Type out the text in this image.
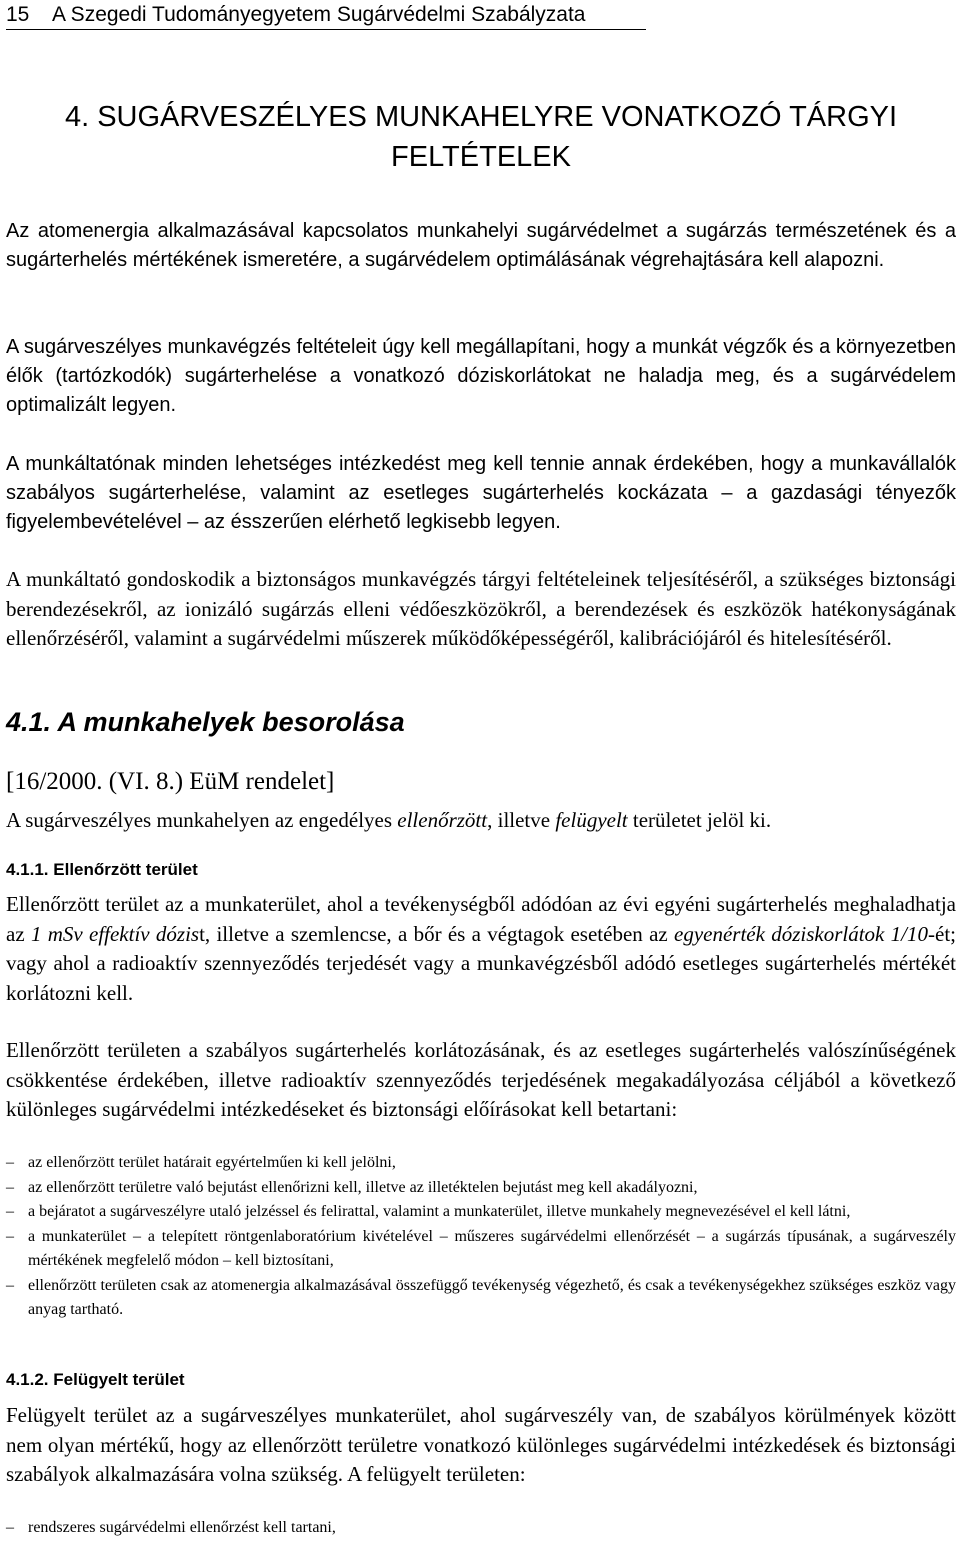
15 A Szegedi Tudományegyetem Sugárvédelmi Szabályzata
4. SUGÁRVESZÉLYES MUNKAHELYRE VONATKOZÓ TÁRGYI FELTÉTELEK
Az atomenergia alkalmazásával kapcsolatos munkahelyi sugárvédelmet a sugárzás természetének és a sugárterhelés mértékének ismeretére, a sugárvédelem optimálásának végrehajtására kell alapozni.
A sugárveszélyes munkavégzés feltételeit úgy kell megállapítani, hogy a munkát végzők és a környezetben élők (tartózkodók) sugárterhelése a vonatkozó dóziskorlátokat ne haladja meg, és a sugárvédelem optimalizált legyen.
A munkáltatónak minden lehetséges intézkedést meg kell tennie annak érdekében, hogy a munkavállalók szabályos sugárterhelése, valamint az esetleges sugárterhelés kockázata – a gazdasági tényezők figyelembevételével – az ésszerűen elérhető legkisebb legyen.
A munkáltató gondoskodik a biztonságos munkavégzés tárgyi feltételeinek teljesítéséről, a szükséges biztonsági berendezésekről, az ionizáló sugárzás elleni védőeszközökről, a berendezések és eszközök hatékonyságának ellenőrzéséről, valamint a sugárvédelmi műszerek működőképességéről, kalibrációjáról és hitelesítéséről.
4.1. A munkahelyek besorolása
[16/2000. (VI. 8.) EüM rendelet]
A sugárveszélyes munkahelyen az engedélyes ellenőrzött, illetve felügyelt területet jelöl ki.
4.1.1. Ellenőrzött terület
Ellenőrzött terület az a munkaterület, ahol a tevékenységből adódóan az évi egyéni sugárterhelés meghaladhatja az 1 mSv effektív dózist, illetve a szemlencse, a bőr és a végtagok esetében az egyenérték dóziskorlátok 1/10-ét; vagy ahol a radioaktív szennyeződés terjedését vagy a munkavégzésből adódó esetleges sugárterhelés mértékét korlátozni kell.
Ellenőrzött területen a szabályos sugárterhelés korlátozásának, és az esetleges sugárterhelés valószínűségének csökkentése érdekében, illetve radioaktív szennyeződés terjedésének megakadályozása céljából a következő különleges sugárvédelmi intézkedéseket és biztonsági előírásokat kell betartani:
– az ellenőrzött terület határait egyértelműen ki kell jelölni,
– az ellenőrzött területre való bejutást ellenőrizni kell, illetve az illetéktelen bejutást meg kell akadályozni,
– a bejáratot a sugárveszélyre utaló jelzéssel és felirattal, valamint a munkaterület, illetve munkahely megnevezésével el kell látni,
– a munkaterület – a telepített röntgenlaboratórium kivételével – műszeres sugárvédelmi ellenőrzését – a sugárzás típusának, a sugárveszély mértékének megfelelő módon – kell biztosítani,
– ellenőrzött területen csak az atomenergia alkalmazásával összefüggő tevékenység végezhető, és csak a tevékenységekhez szükséges eszköz vagy anyag tartható.
4.1.2. Felügyelt terület
Felügyelt terület az a sugárveszélyes munkaterület, ahol sugárveszély van, de szabályos körülmények között nem olyan mértékű, hogy az ellenőrzött területre vonatkozó különleges sugárvédelmi intézkedések és biztonsági szabályok alkalmazására volna szükség. A felügyelt területen:
– rendszeres sugárvédelmi ellenőrzést kell tartani,
